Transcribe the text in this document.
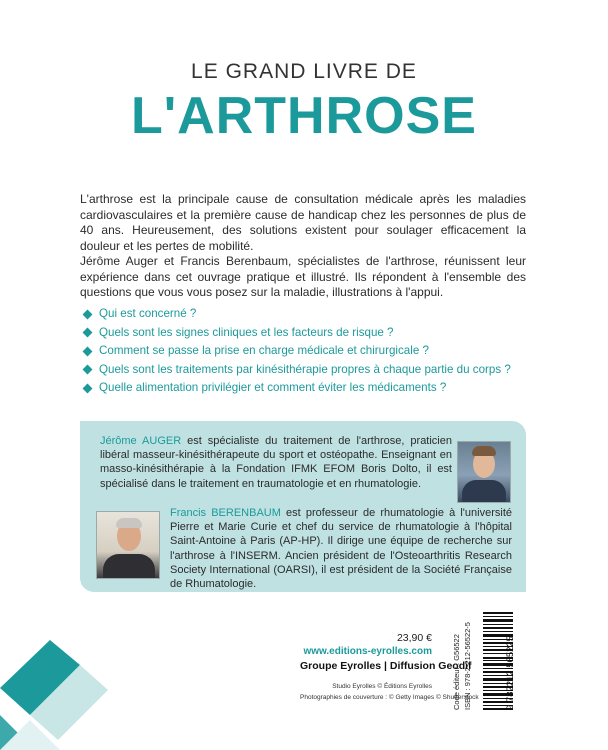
LE GRAND LIVRE DE
L'ARTHROSE
L'arthrose est la principale cause de consultation médicale après les maladies cardiovasculaires et la première cause de handicap chez les personnes de plus de 40 ans. Heureusement, des solutions existent pour soulager efficacement la douleur et les pertes de mobilité.
Jérôme Auger et Francis Berenbaum, spécialistes de l'arthrose, réunissent leur expérience dans cet ouvrage pratique et illustré. Ils répondent à l'ensemble des questions que vous vous posez sur la maladie, illustrations à l'appui.
Qui est concerné ?
Quels sont les signes cliniques et les facteurs de risque ?
Comment se passe la prise en charge médicale et chirurgicale ?
Quels sont les traitements par kinésithérapie propres à chaque partie du corps ?
Quelle alimentation privilégier et comment éviter les médicaments ?
Jérôme AUGER est spécialiste du traitement de l'arthrose, praticien libéral masseur-kinésithérapeute du sport et ostéopathe. Enseignant en masso-kinésithérapie à la Fondation IFMK EFOM Boris Dolto, il est spécialisé dans le traitement en traumatologie et en rhumatologie.
Francis BERENBAUM est professeur de rhumatologie à l'université Pierre et Marie Curie et chef du service de rhumatologie à l'hôpital Saint-Antoine à Paris (AP-HP). Il dirige une équipe de recherche sur l'arthrose à l'INSERM. Ancien président de l'Osteoarthritis Research Society International (OARSI), il est président de la Société Française de Rhumatologie.
23,90 €
www.editions-eyrolles.com
Groupe Eyrolles | Diffusion Geodif
Studio Eyrolles © Éditions Eyrolles
Photographies de couverture : © Getty Images © Shutterstock
Code éditeur : G56522 ISBN : 978-2-212-56522-5	9 782212 565225
